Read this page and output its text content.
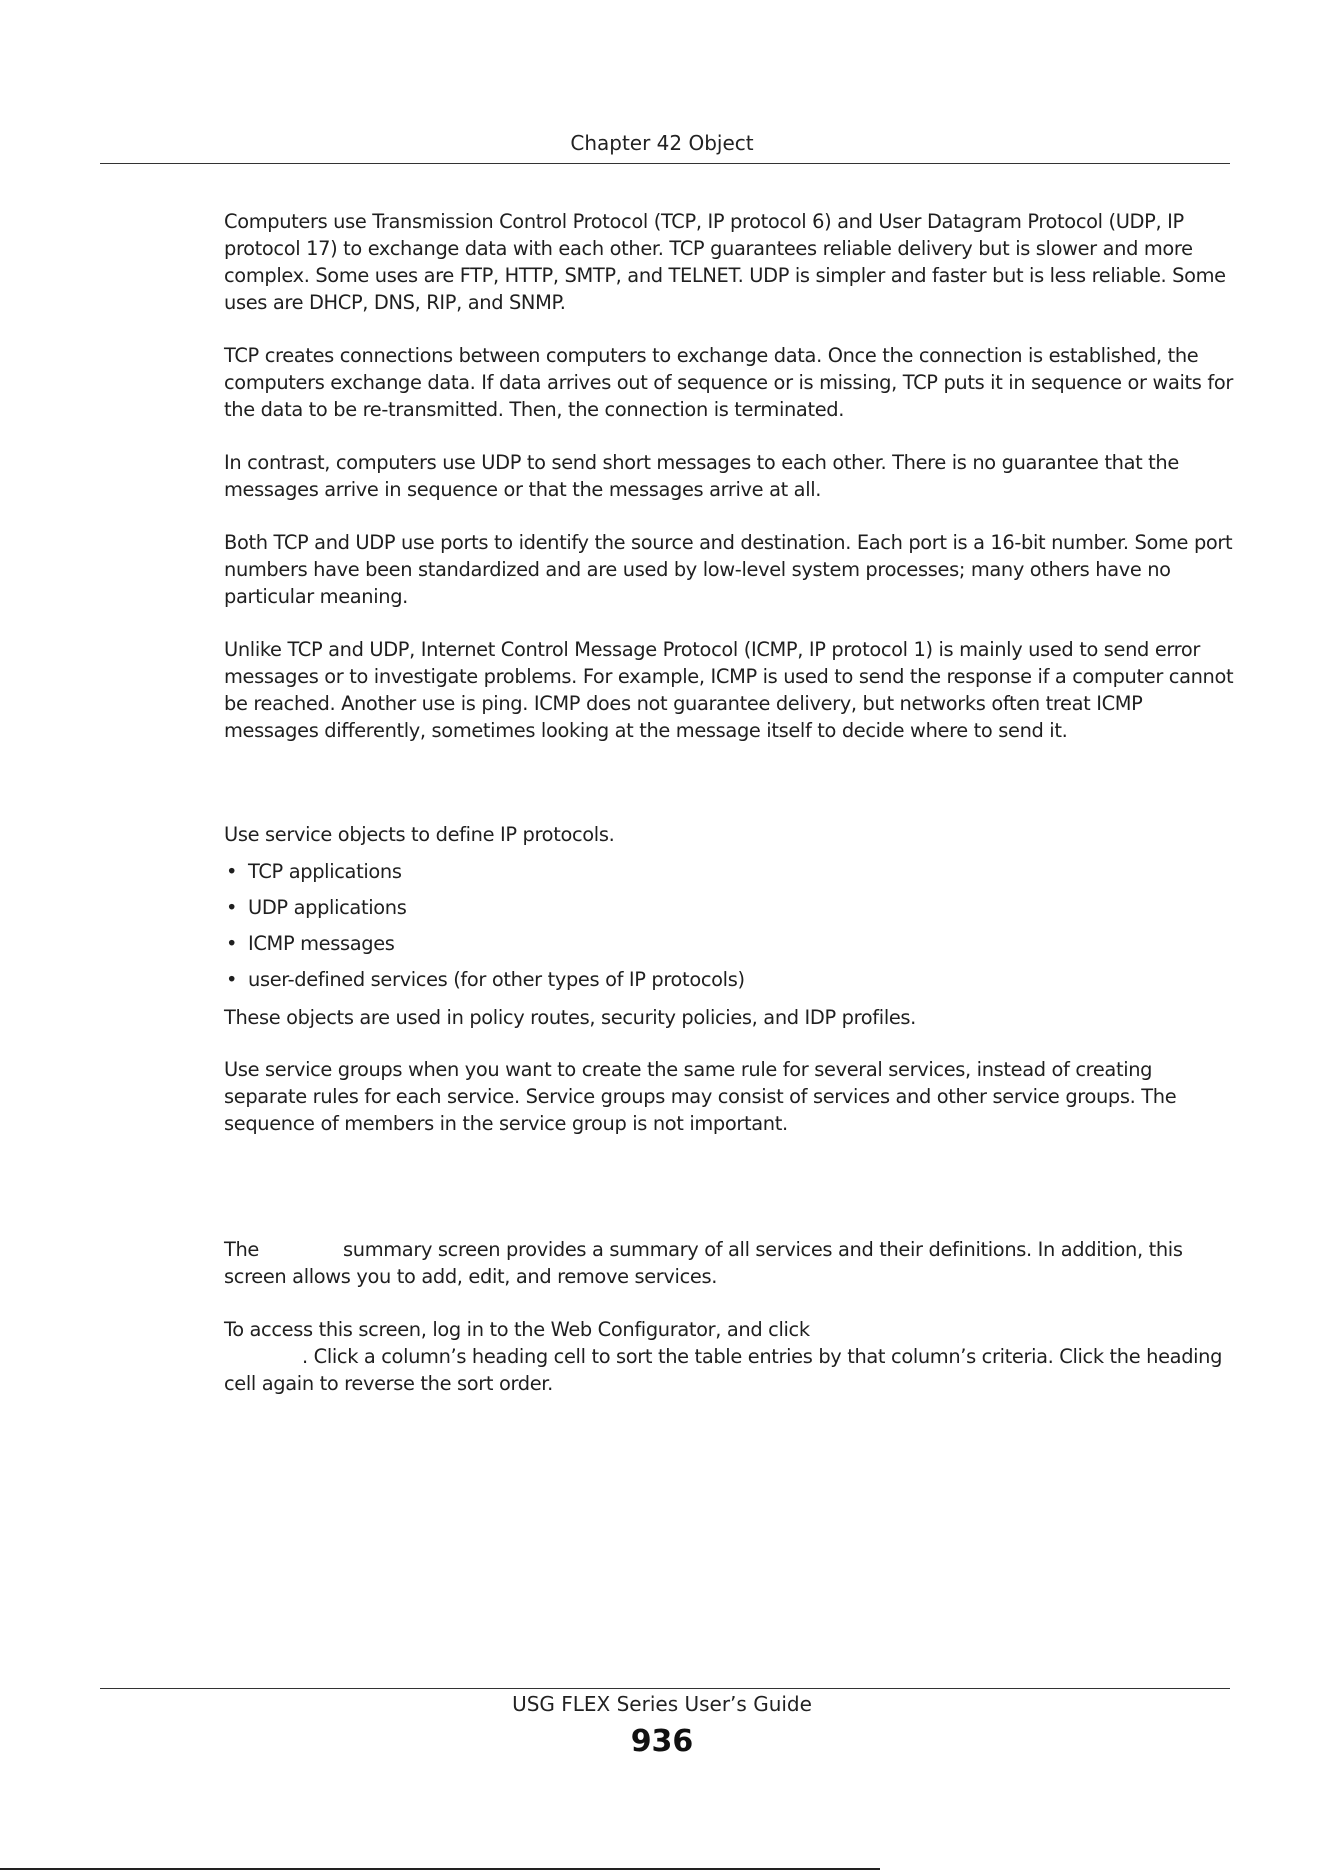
Chapter 42 Object

Computers use Transmission Control Protocol (TCP, IP protocol 6) and User Datagram Protocol (UDP, IP protocol 17) to exchange data with each other. TCP guarantees reliable delivery but is slower and more complex. Some uses are FTP, HTTP, SMTP, and TELNET. UDP is simpler and faster but is less reliable. Some uses are DHCP, DNS, RIP, and SNMP.

TCP creates connections between computers to exchange data. Once the connection is established, the computers exchange data. If data arrives out of sequence or is missing, TCP puts it in sequence or waits for the data to be re-transmitted. Then, the connection is terminated.

In contrast, computers use UDP to send short messages to each other. There is no guarantee that the messages arrive in sequence or that the messages arrive at all.

Both TCP and UDP use ports to identify the source and destination. Each port is a 16-bit number. Some port numbers have been standardized and are used by low-level system processes; many others have no particular meaning.

Unlike TCP and UDP, Internet Control Message Protocol (ICMP, IP protocol 1) is mainly used to send error messages or to investigate problems. For example, ICMP is used to send the response if a computer cannot be reached. Another use is ping. ICMP does not guarantee delivery, but networks often treat ICMP messages differently, sometimes looking at the message itself to decide where to send it.

Use service objects to define IP protocols.

• TCP applications
• UDP applications
• ICMP messages
• user-defined services (for other types of IP protocols)

These objects are used in policy routes, security policies, and IDP profiles.

Use service groups when you want to create the same rule for several services, instead of creating separate rules for each service. Service groups may consist of services and other service groups. The sequence of members in the service group is not important.

The	summary screen provides a summary of all services and their definitions. In addition, this screen allows you to add, edit, and remove services.

To access this screen, log in to the Web Configurator, and click
. Click a column’s heading cell to sort the table entries by that column’s criteria. Click the heading cell again to reverse the sort order.

USG FLEX Series User’s Guide
936
